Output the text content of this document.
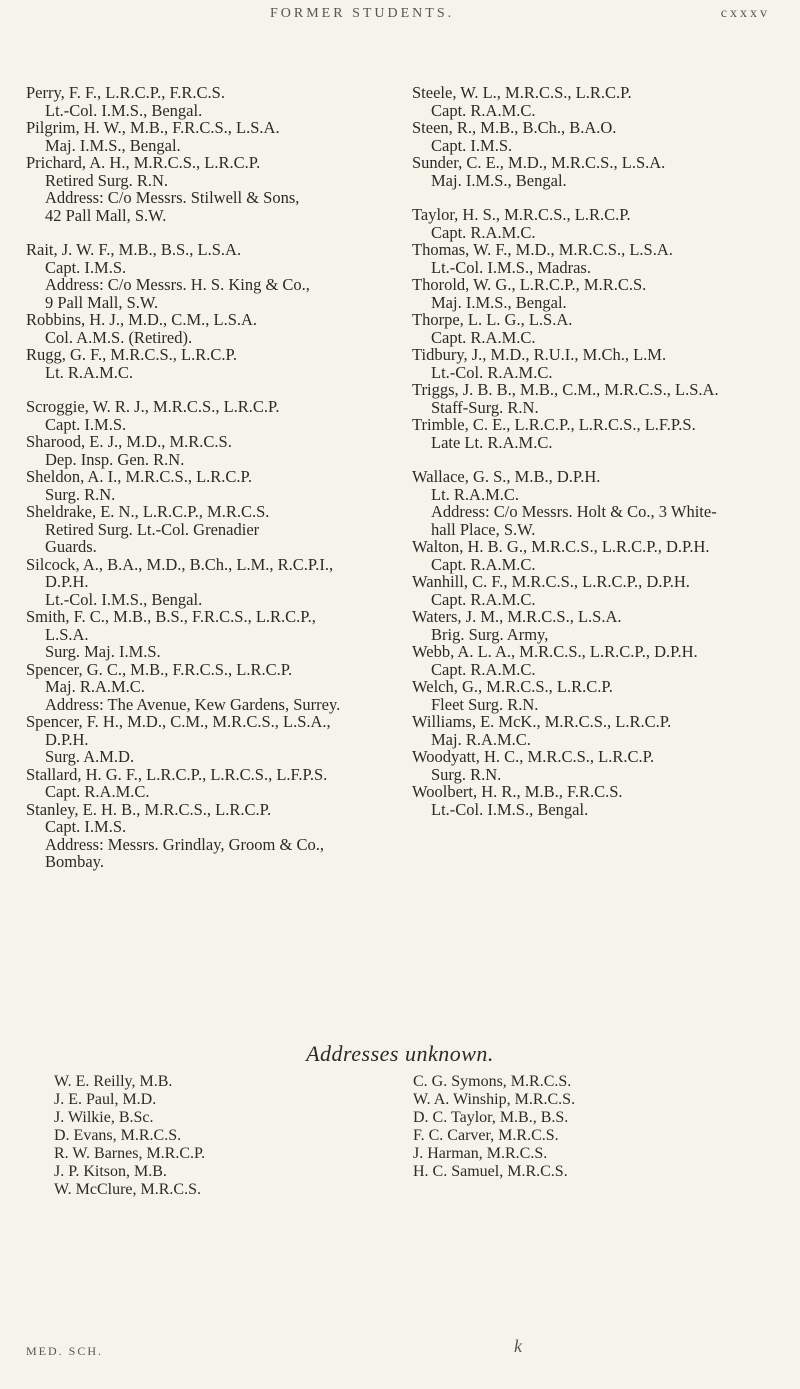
FORMER STUDENTS.	cxxxv
Perry, F. F., L.R.C.P., F.R.C.S.
Lt.-Col. I.M.S., Bengal.
Pilgrim, H. W., M.B., F.R.C.S., L.S.A.
Maj. I.M.S., Bengal.
Prichard, A. H., M.R.C.S., L.R.C.P.
Retired Surg. R.N.
Address: C/o Messrs. Stilwell & Sons,
42 Pall Mall, S.W.
Rait, J. W. F., M.B., B.S., L.S.A.
Capt. I.M.S.
Address: C/o Messrs. H. S. King & Co.,
9 Pall Mall, S.W.
Robbins, H. J., M.D., C.M., L.S.A.
Col. A.M.S. (Retired).
Rugg, G. F., M.R.C.S., L.R.C.P.
Lt. R.A.M.C.
Scroggie, W. R. J., M.R.C.S., L.R.C.P.
Capt. I.M.S.
Sharood, E. J., M.D., M.R.C.S.
Dep. Insp. Gen. R.N.
Sheldon, A. I., M.R.C.S., L.R.C.P.
Surg. R.N.
Sheldrake, E. N., L.R.C.P., M.R.C.S.
Retired Surg. Lt.-Col. Grenadier
Guards.
Silcock, A., B.A., M.D., B.Ch., L.M., R.C.P.I.,
D.P.H.
Lt.-Col. I.M.S., Bengal.
Smith, F. C., M.B., B.S., F.R.C.S., L.R.C.P.,
L.S.A.
Surg. Maj. I.M.S.
Spencer, G. C., M.B., F.R.C.S., L.R.C.P.
Maj. R.A.M.C.
Address: The Avenue, Kew Gardens, Surrey.
Spencer, F. H., M.D., C.M., M.R.C.S., L.S.A.,
D.P.H.
Surg. A.M.D.
Stallard, H. G. F., L.R.C.P., L.R.C.S., L.F.P.S.
Capt. R.A.M.C.
Stanley, E. H. B., M.R.C.S., L.R.C.P.
Capt. I.M.S.
Address: Messrs. Grindlay, Groom & Co.,
Bombay.
Steele, W. L., M.R.C.S., L.R.C.P.
Capt. R.A.M.C.
Steen, R., M.B., B.Ch., B.A.O.
Capt. I.M.S.
Sunder, C. E., M.D., M.R.C.S., L.S.A.
Maj. I.M.S., Bengal.
Taylor, H. S., M.R.C.S., L.R.C.P.
Capt. R.A.M.C.
Thomas, W. F., M.D., M.R.C.S., L.S.A.
Lt.-Col. I.M.S., Madras.
Thorold, W. G., L.R.C.P., M.R.C.S.
Maj. I.M.S., Bengal.
Thorpe, L. L. G., L.S.A.
Capt. R.A.M.C.
Tidbury, J., M.D., R.U.I., M.Ch., L.M.
Lt.-Col. R.A.M.C.
Triggs, J. B. B., M.B., C.M., M.R.C.S., L.S.A.
Staff-Surg. R.N.
Trimble, C. E., L.R.C.P., L.R.C.S., L.F.P.S.
Late Lt. R.A.M.C.
Wallace, G. S., M.B., D.P.H.
Lt. R.A.M.C.
Address: C/o Messrs. Holt & Co., 3 White-
hall Place, S.W.
Walton, H. B. G., M.R.C.S., L.R.C.P., D.P.H.
Capt. R.A.M.C.
Wanhill, C. F., M.R.C.S., L.R.C.P., D.P.H.
Capt. R.A.M.C.
Waters, J. M., M.R.C.S., L.S.A.
Brig. Surg. Army,
Webb, A. L. A., M.R.C.S., L.R.C.P., D.P.H.
Capt. R.A.M.C.
Welch, G., M.R.C.S., L.R.C.P.
Fleet Surg. R.N.
Williams, E. McK., M.R.C.S., L.R.C.P.
Maj. R.A.M.C.
Woodyatt, H. C., M.R.C.S., L.R.C.P.
Surg. R.N.
Woolbert, H. R., M.B., F.R.C.S.
Lt.-Col. I.M.S., Bengal.
Addresses unknown.
W. E. Reilly, M.B.
J. E. Paul, M.D.
J. Wilkie, B.Sc.
D. Evans, M.R.C.S.
R. W. Barnes, M.R.C.P.
J. P. Kitson, M.B.
W. McClure, M.R.C.S.
C. G. Symons, M.R.C.S.
W. A. Winship, M.R.C.S.
D. C. Taylor, M.B., B.S.
F. C. Carver, M.R.C.S.
J. Harman, M.R.C.S.
H. C. Samuel, M.R.C.S.
MED. SCH.	k
